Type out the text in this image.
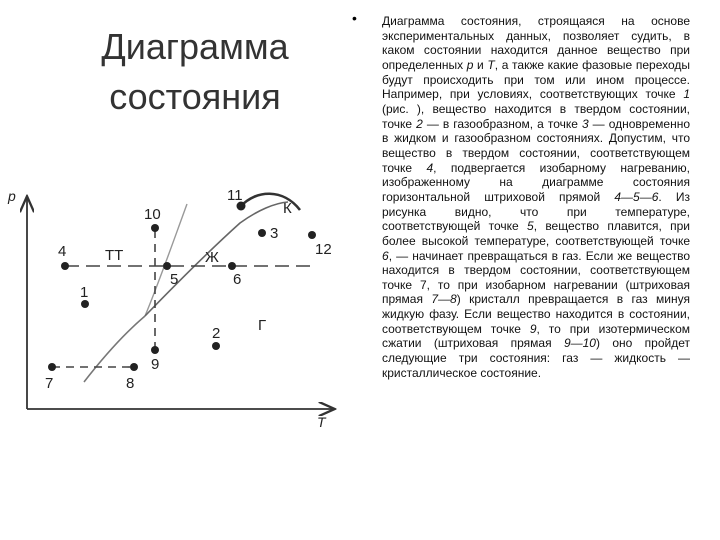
Диаграмма
состояния
• Диаграмма состояния, строящаяся на основе экспериментальных данных, позволяет судить, в каком состоянии находится данное вещество при определенных p и T, а также какие фазовые переходы будут происходить при том или ином процессе. Например, при условиях, соответствующих точке 1 (рис. ), вещество находится в твердом состоянии, точке 2 — в газообразном, а точке 3 — одновременно в жидком и газообразном состояниях. Допустим, что вещество в твердом состоянии, соответствующем точке 4, подвергается изобарному нагреванию, изображенному на диаграмме состояния горизонтальной штриховой прямой 4—5—6. Из рисунка видно, что при температуре, соответствующей точке 5, вещество плавится, при более высокой температуре, соответствующей точке 6, — начинает превращаться в газ. Если же вещество находится в твердом состоянии, соответствующем точке 7, то при изобарном нагревании (штриховая прямая 7—8) кристалл превращается в газ минуя жидкую фазу. Если вещество находится в состоянии, соответствующем точке 9, то при изотермическом сжатии (штриховая прямая 9—10) оно пройдет следующие три состояния: газ — жидкость — кристаллическое состояние.
p
T
1
2
3
4
5	6
7	8
9
10
11
12
ТТ	Ж
Г
К
